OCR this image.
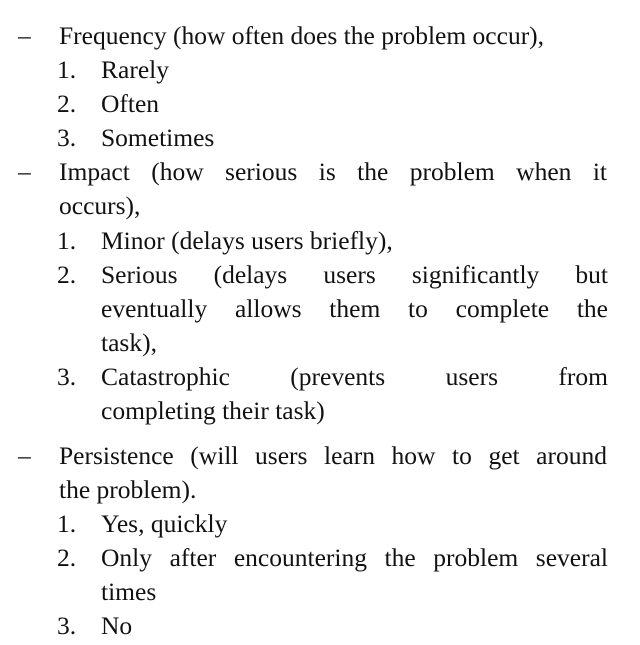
–	Frequency (how often does the problem occur),
1. Rarely
2. Often
3. Sometimes
–	Impact (how serious is the problem when it
occurs),
1. Minor (delays users briefly),
2. Serious (delays users significantly but
eventually allows them to complete the
task),
3. Catastrophic (prevents users from
completing their task)
–	Persistence (will users learn how to get around
the problem).
1. Yes, quickly
2. Only after encountering the problem several
times
3. No
